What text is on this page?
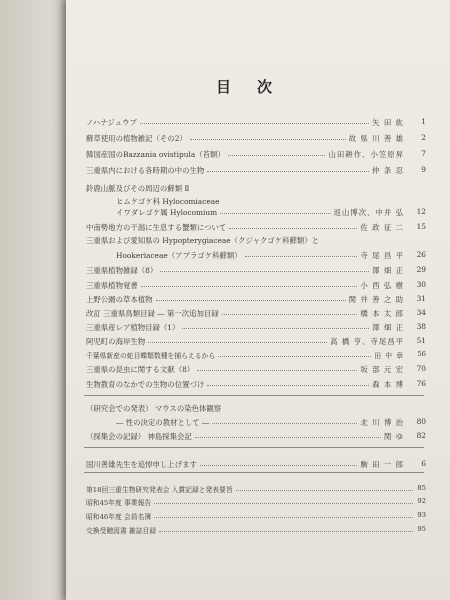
目次
ノハナジュウブ	矢 田 紘 1
蘚草使用の植物雑記（その2）	故 県 川 善 雄 2
韓国産国のBazzania ovistipula（苔類）	山田耕作、小笠原昇 7
三重県内における各時期の中の生物	仲 条 忍 9
鈴鹿山脈及びその周辺の蘚類 Ⅱ
ヒムケゴケ科 Hylocomiaceae
イワダレゴケ属 Hylocomium	返山博次、中井 弘 12
中南勢地方の干潟に生息する蟹類について	佐 政 征 二 15
三重県および愛知県の Hypopterygiaceae（クジャクゴケ科蘚類）と
Hookeriaceae（アブラゴケ科蘚類）	寺 尾 昌 平 26
三重県植物雑録（8）	澤 畑 正 29
三重県植物覚書	小 西 弘 樹 30
上野公園の草本植物	関 井 善 之 助 31
改訂 三重県鳥類目録 ― 第一次追加目録	橋 本 太 郎 34
三重県産レア植物目録（1）	澤 畑 正 38
阿児町の海岸生物	高 橋 亨、寺尾昌平 51
千葉県新産の蛇目蝶類数種を捕らえるから	田 中 章 56
三重県の昆虫に関する文献（8）	坂 部 元 宏 70
生物教育のなかでの生物の位置づけ	森 本 博 76
（研究会での発表） マウスの染色体観察
― 性の決定の教材として ―	北 川 博 治 80
（採集会の記録） 神島採集会記	関 ゆ 82
国川善雄先生を追悼申し上げます	駒 田 一 郎 6
第18回三重生物研究発表会 入賞記録と発表要旨	85
昭和45年度 事業報告	92
昭和46年度 会員名簿	93
交換受贈図書 雑誌目録	95
